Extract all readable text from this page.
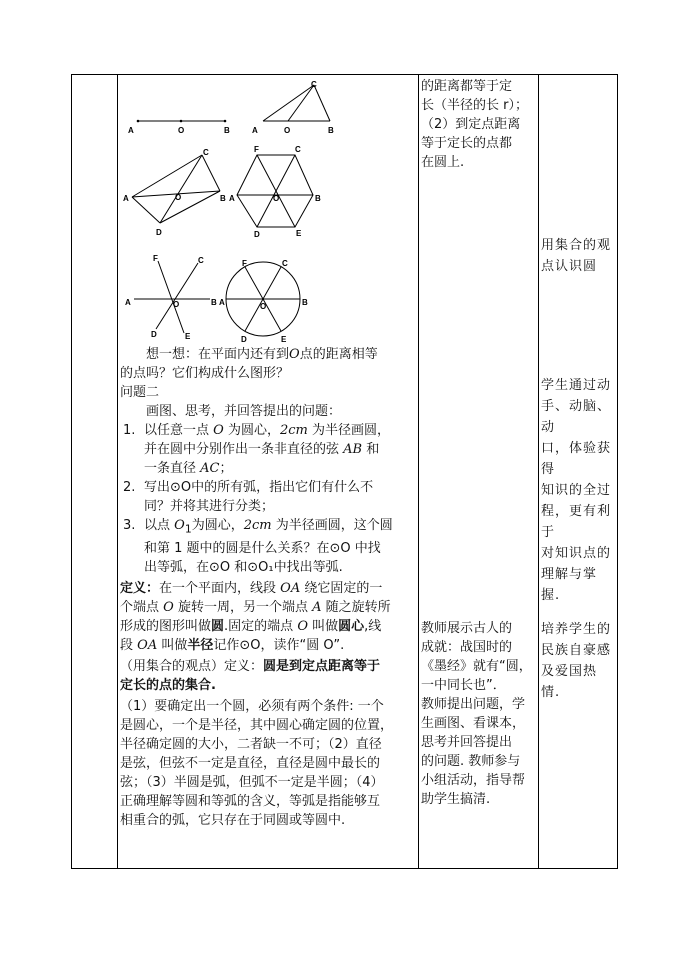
A	O	B	A	O	B
C
A	O
C
B
D
F	C
A	O	B
D	E
F	C
A	O	B
D	E
F	C
A	O	B
D	E

想一想：在平面内还有到O点的距离相等

的点吗？它们构成什么图形？

问题二

画图、思考，并回答提出的问题：

1. 以任意一点 O 为圆心，2cm 为半径画圆，

并在圆中分别作出一条非直径的弦 AB 和

一条直径 AC；

2. 写出⊙O中的所有弧，指出它们有什么不

同？并将其进行分类；

3. 以点 $O_1$为圆心，2cm 为半径画圆，这个圆

和第 1 题中的圆是什么关系？在⊙O 中找

出等弧，在⊙O 和⊙O₁中找出等弧.

定义：在一个平面内，线段 OA 绕它固定的一

个端点 O 旋转一周，另一个端点 A 随之旋转所

形成的图形叫做圆.固定的端点 O 叫做圆心,线

段 OA 叫做半径记作⊙O，读作“圆 O”.

（用集合的观点）定义：圆是到定点距离等于

定长的点的集合.

（1）要确定出一个圆，必须有两个条件: 一个

是圆心，一个是半径，其中圆心确定圆的位置，

半径确定圆的大小，二者缺一不可；（2）直径

是弦，但弦不一定是直径，直径是圆中最长的

弦；（3）半圆是弧，但弧不一定是半圆；（4）

正确理解等圆和等弧的含义，等弧是指能够互

相重合的弧，它只存在于同圆或等圆中.

的距离都等于定
长（半径的长 r）；
（2）到定点距离
等于定长的点都
在圆上.
教师展示古人的
成就：战国时的
《墨经》就有“圆，
一中同长也”．
教师提出问题，学
生画图、看课本，
思考并回答提出
的问题. 教师参与
小组活动，指导帮
助学生搞清.
用集合的观
点认识圆
学生通过动
手、动脑、动
口，体验获得
知识的全过
程，更有利于
对知识点的
理解与掌握.
培养学生的
民族自豪感
及爱国热情.
